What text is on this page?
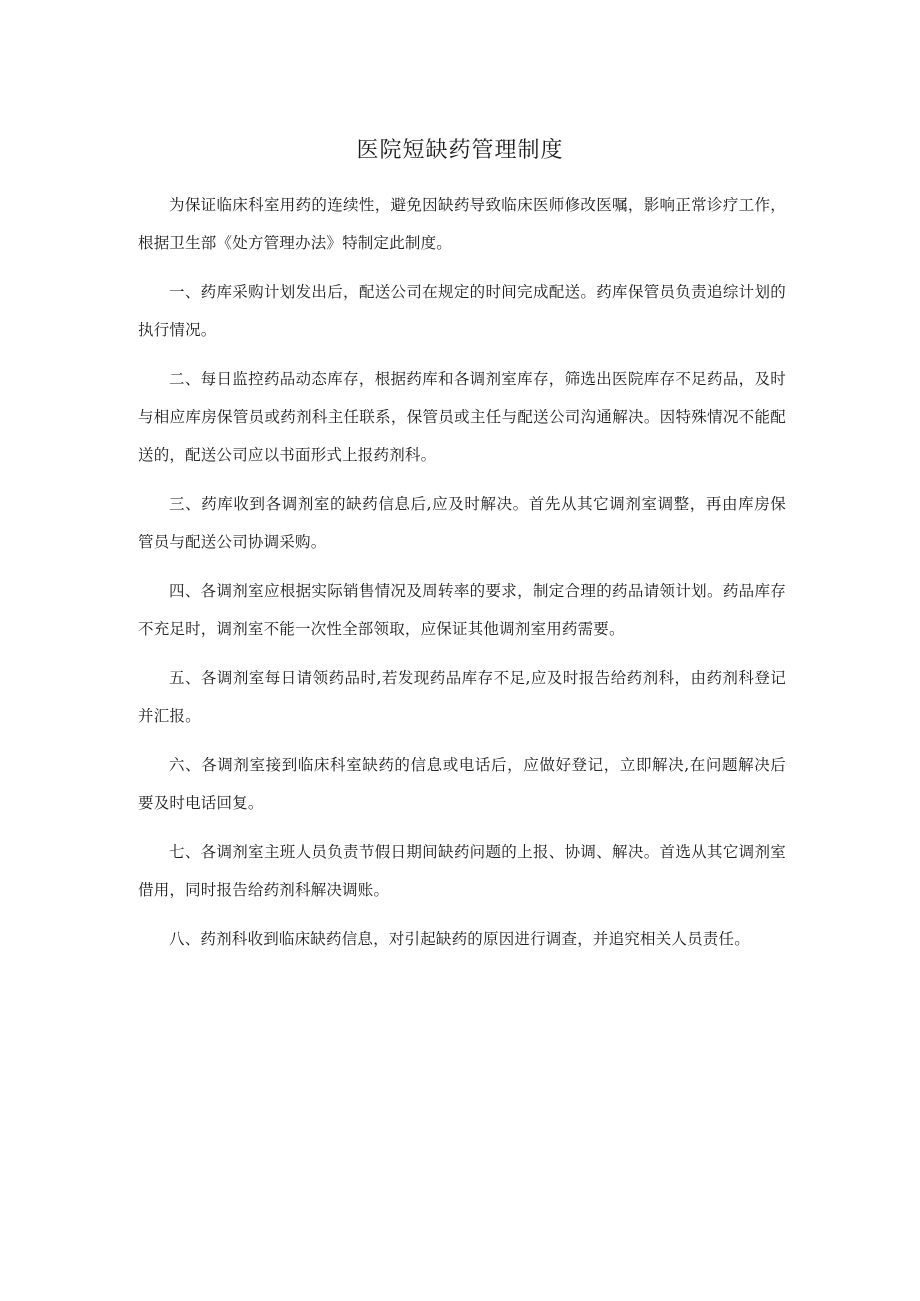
医院短缺药管理制度

为保证临床科室用药的连续性，避免因缺药导致临床医师修改医嘱，影响正常诊疗工作，根据卫生部《处方管理办法》特制定此制度。

一、药库采购计划发出后，配送公司在规定的时间完成配送。药库保管员负责追综计划的执行情况。

二、每日监控药品动态库存，根据药库和各调剂室库存，筛选出医院库存不足药品，及时与相应库房保管员或药剂科主任联系，保管员或主任与配送公司沟通解决。因特殊情况不能配送的，配送公司应以书面形式上报药剂科。

三、药库收到各调剂室的缺药信息后,应及时解决。首先从其它调剂室调整，再由库房保管员与配送公司协调采购。

四、各调剂室应根据实际销售情况及周转率的要求，制定合理的药品请领计划。药品库存不充足时，调剂室不能一次性全部领取，应保证其他调剂室用药需要。

五、各调剂室每日请领药品时,若发现药品库存不足,应及时报告给药剂科，由药剂科登记并汇报。

六、各调剂室接到临床科室缺药的信息或电话后，应做好登记，立即解决,在问题解决后要及时电话回复。

七、各调剂室主班人员负责节假日期间缺药问题的上报、协调、解决。首选从其它调剂室借用，同时报告给药剂科解决调账。

八、药剂科收到临床缺药信息，对引起缺药的原因进行调查，并追究相关人员责任。
